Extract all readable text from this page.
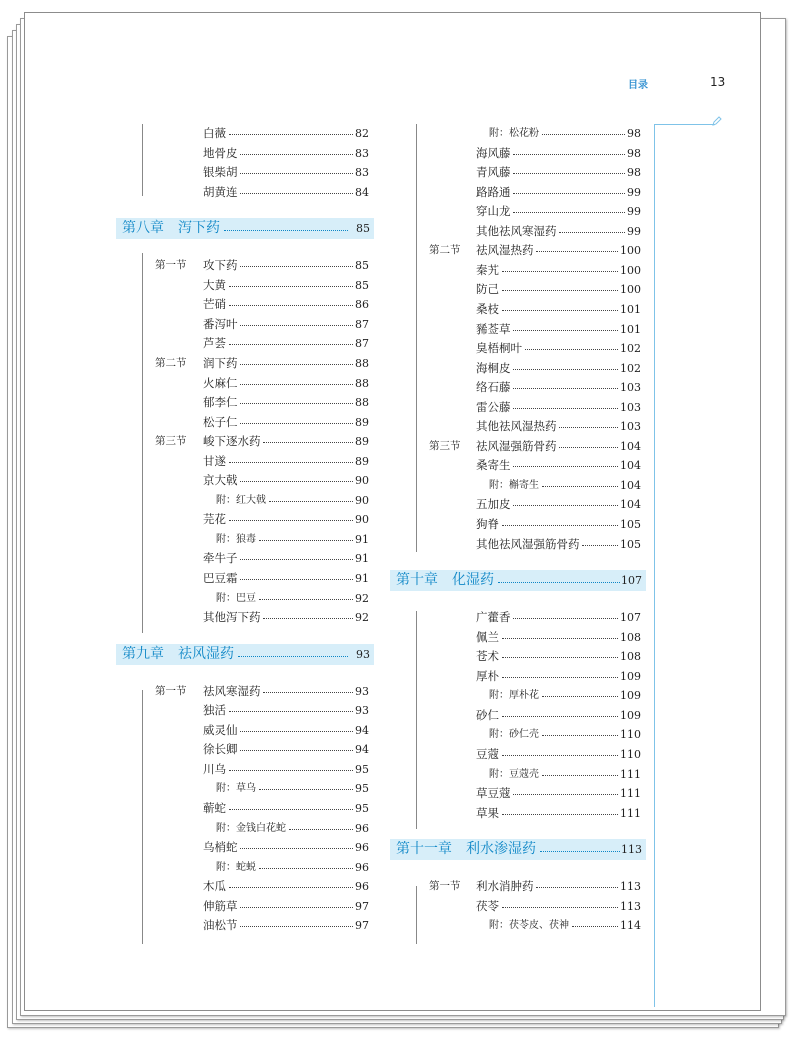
目录	13
白薇	82
地骨皮	83
银柴胡	83
胡黄连	84
第八章　泻下药	85
第一节 攻下药	85
大黄	85
芒硝	86
番泻叶	87
芦荟	87
第二节 润下药	88
火麻仁	88
郁李仁	88
松子仁	89
第三节 峻下逐水药	89
甘遂	89
京大戟	90
附：红大戟	90
芫花	90
附：狼毒	91
牵牛子	91
巴豆霜	91
附：巴豆	92
其他泻下药	92
第九章　祛风湿药	93
第一节 祛风寒湿药	93
独活	93
威灵仙	94
徐长卿	94
川乌	95
附：草乌	95
蕲蛇	95
附：金钱白花蛇	96
乌梢蛇	96
附：蛇蜕	96
木瓜	96
伸筋草	97
油松节	97
附：松花粉	98
海风藤	98
青风藤	98
路路通	99
穿山龙	99
其他祛风寒湿药	99
第二节 祛风湿热药	100
秦艽	100
防己	100
桑枝	101
豨莶草	101
臭梧桐叶	102
海桐皮	102
络石藤	103
雷公藤	103
其他祛风湿热药	103
第三节 祛风湿强筋骨药	104
桑寄生	104
附：槲寄生	104
五加皮	104
狗脊	105
其他祛风湿强筋骨药	105
第十章　化湿药	107
广藿香	107
佩兰	108
苍术	108
厚朴	109
附：厚朴花	109
砂仁	109
附：砂仁壳	110
豆蔻	110
附：豆蔻壳	111
草豆蔻	111
草果	111
第十一章　利水渗湿药	113
第一节 利水消肿药	113
茯苓	113
附：茯苓皮、茯神	114
